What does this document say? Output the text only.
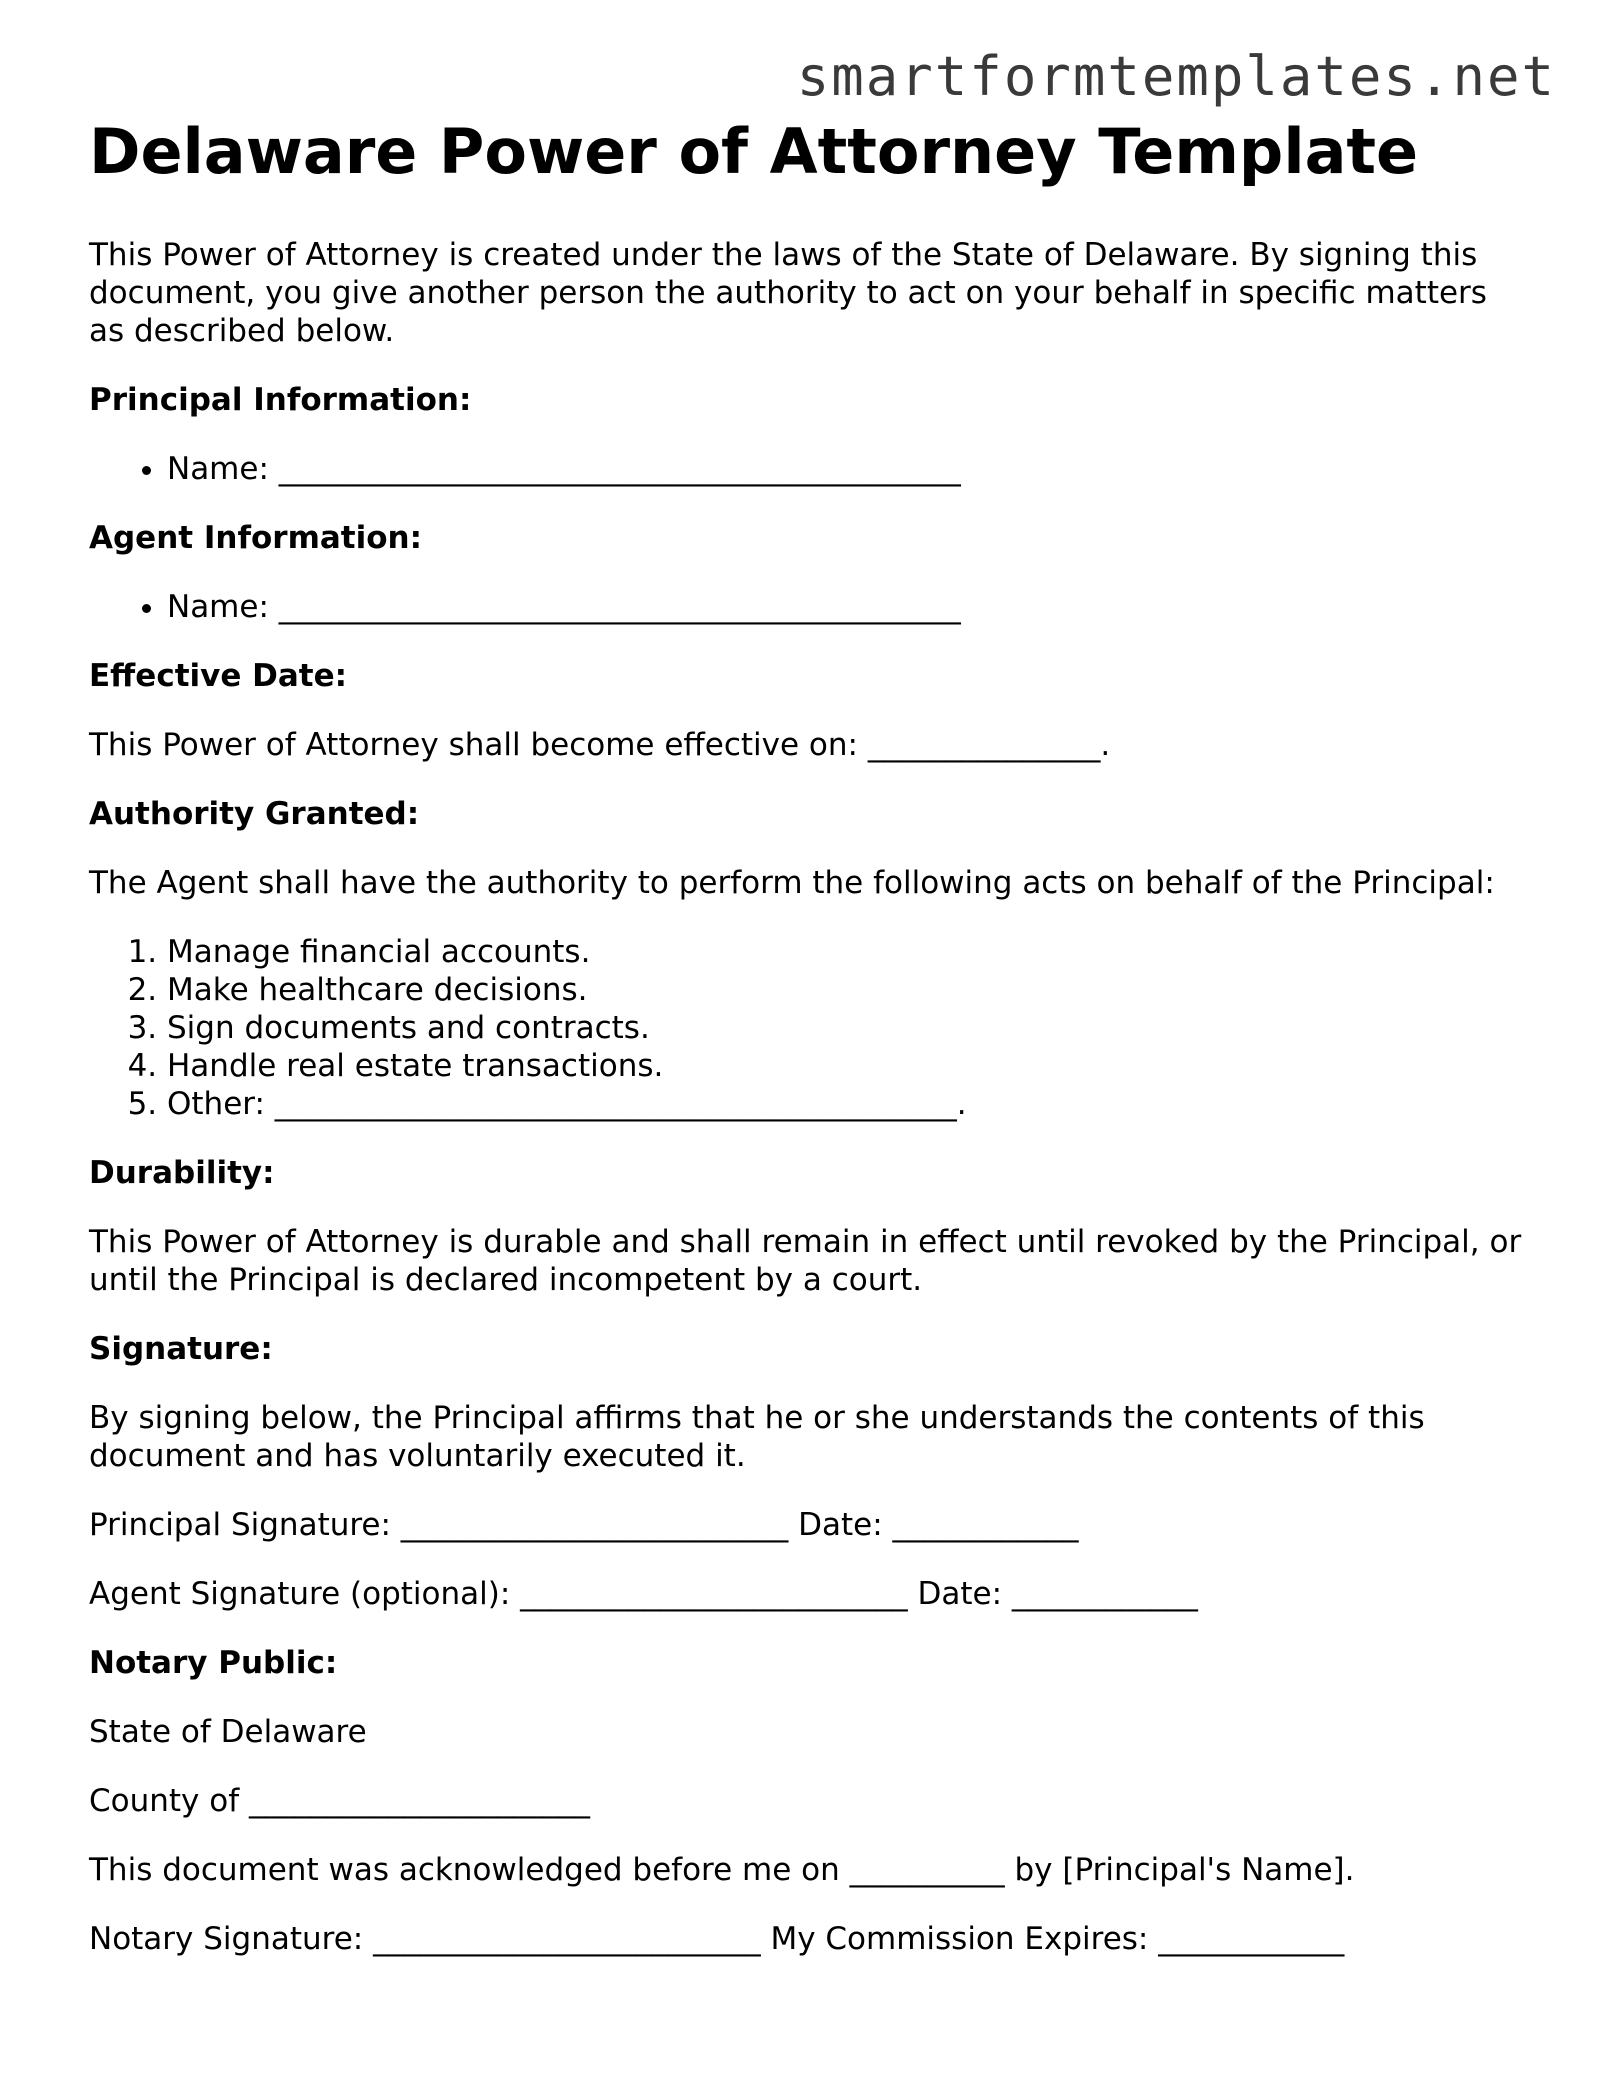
smartformtemplates.net
Delaware Power of Attorney Template

This Power of Attorney is created under the laws of the State of Delaware. By signing this document, you give another person the authority to act on your behalf in specific matters as described below.

Principal Information:
• Name: ____________________________________________
Agent Information:
• Name: ____________________________________________
Effective Date:

This Power of Attorney shall become effective on: _______________.

Authority Granted:

The Agent shall have the authority to perform the following acts on behalf of the Principal:

1. Manage financial accounts.
2. Make healthcare decisions.
3. Sign documents and contracts.
4. Handle real estate transactions.
5. Other: ____________________________________________.
Durability:

This Power of Attorney is durable and shall remain in effect until revoked by the Principal, or until the Principal is declared incompetent by a court.

Signature:

By signing below, the Principal affirms that he or she understands the contents of this document and has voluntarily executed it.

Principal Signature: _________________________ Date: ____________

Agent Signature (optional): _________________________ Date: ____________

Notary Public:

State of Delaware

County of ______________________

This document was acknowledged before me on __________ by [Principal's Name].

Notary Signature: _________________________ My Commission Expires: ____________
